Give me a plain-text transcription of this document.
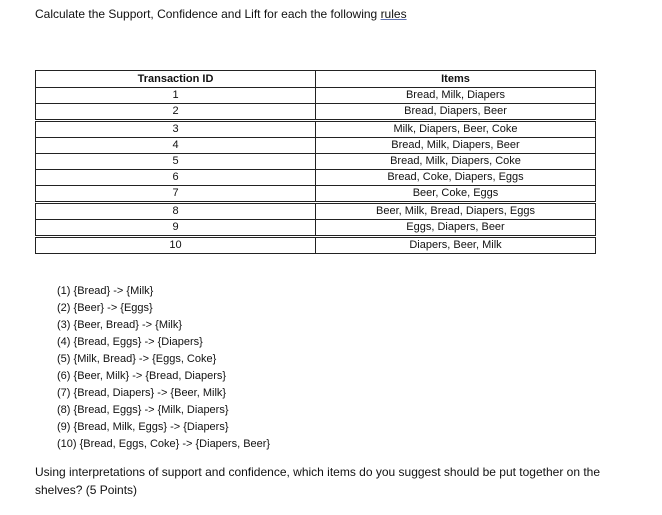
Calculate the Support, Confidence and Lift for each the following rules
Transaction ID	Items
1	Bread, Milk, Diapers
2	Bread, Diapers, Beer
3	Milk, Diapers, Beer, Coke
4	Bread, Milk, Diapers, Beer
5	Bread, Milk, Diapers, Coke
6	Bread, Coke, Diapers, Eggs
7	Beer, Coke, Eggs
8	Beer, Milk, Bread, Diapers, Eggs
9	Eggs, Diapers, Beer
10	Diapers, Beer, Milk
(1) {Bread} -> {Milk}
(2) {Beer} -> {Eggs}
(3) {Beer, Bread} -> {Milk}
(4) {Bread, Eggs} -> {Diapers}
(5) {Milk, Bread} -> {Eggs, Coke}
(6) {Beer, Milk} -> {Bread, Diapers}
(7) {Bread, Diapers} -> {Beer, Milk}
(8) {Bread, Eggs} -> {Milk, Diapers}
(9) {Bread, Milk, Eggs} -> {Diapers}
(10) {Bread, Eggs, Coke} -> {Diapers, Beer}
Using interpretations of support and confidence, which items do you suggest should be put together on the shelves? (5 Points)
